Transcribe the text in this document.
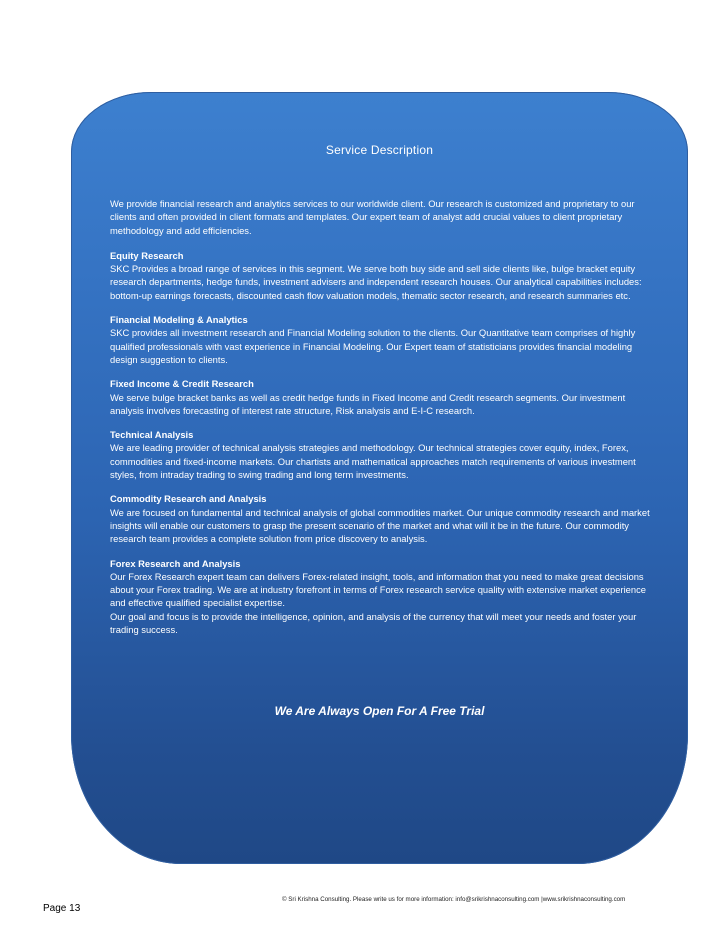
Service Description

We provide financial research and analytics services to our worldwide client. Our research is customized and proprietary to our clients and often provided in client formats and templates. Our expert team of analyst add crucial values to client proprietary methodology and add efficiencies.

Equity Research

SKC Provides a broad range of services in this segment. We serve both buy side and sell side clients like, bulge bracket equity research departments, hedge funds, investment advisers and independent research houses. Our analytical capabilities includes: bottom-up earnings forecasts, discounted cash flow valuation models, thematic sector research, and research summaries etc.

Financial Modeling & Analytics

SKC provides all investment research and Financial Modeling solution to the clients. Our Quantitative team comprises of highly qualified professionals with vast experience in Financial Modeling. Our Expert team of statisticians provides financial modeling design suggestion to clients.

Fixed Income & Credit Research

We serve bulge bracket banks as well as credit hedge funds in Fixed Income and Credit research segments. Our investment analysis involves forecasting of interest rate structure, Risk analysis and E-I-C research.

Technical Analysis

We are leading provider of technical analysis strategies and methodology. Our technical strategies cover equity, index, Forex, commodities and fixed-income markets. Our chartists and mathematical approaches match requirements of various investment styles, from intraday trading to swing trading and long term investments.

Commodity Research and Analysis

We are focused on fundamental and technical analysis of global commodities market. Our unique commodity research and market insights will enable our customers to grasp the present scenario of the market and what will it be in the future. Our commodity research team provides a complete solution from price discovery to analysis.

Forex Research and Analysis

Our Forex Research expert team can delivers Forex-related insight, tools, and information that you need to make great decisions about your Forex trading. We are at industry forefront in terms of Forex research service quality with extensive market experience and effective qualified specialist expertise.

Our goal and focus is to provide the intelligence, opinion, and analysis of the currency that will meet your needs and foster your trading success.

We Are Always Open For A Free Trial
© Sri Krishna Consulting. Please write us for more information: info@srikrishnaconsulting.com |www.srikrishnaconsulting.com
Page 13
